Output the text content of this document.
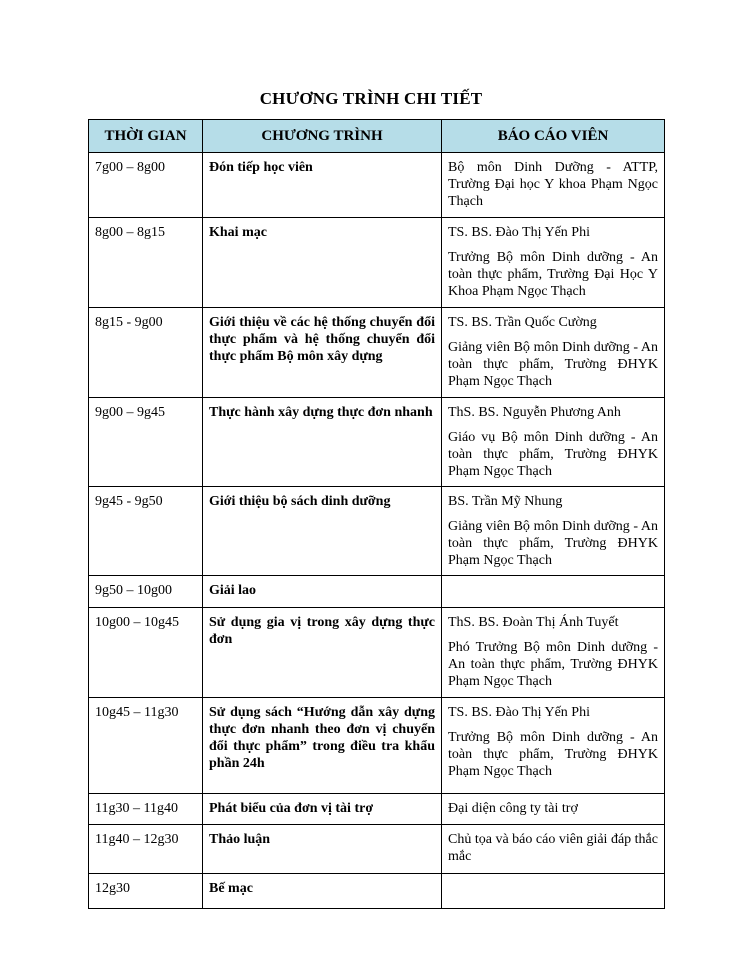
CHƯƠNG TRÌNH CHI TIẾT
THỜI GIAN	CHƯƠNG TRÌNH	BÁO CÁO VIÊN
7g00 – 8g00	Đón tiếp học viên	Bộ môn Dinh Dưỡng - ATTP, Trường Đại học Y khoa Phạm Ngọc Thạch

8g00 – 8g15	Khai mạc	TS. BS. Đào Thị Yến Phi
Trưởng Bộ môn Dinh dưỡng - An toàn thực phẩm, Trường Đại Học Y Khoa Phạm Ngọc Thạch

8g15 - 9g00	Giới thiệu về các hệ thống chuyển đổi thực phẩm và hệ thống chuyển đổi thực phẩm Bộ môn xây dựng	TS. BS. Trần Quốc Cường
Giảng viên Bộ môn Dinh dưỡng - An toàn thực phẩm, Trường ĐHYK Phạm Ngọc Thạch

9g00 – 9g45	Thực hành xây dựng thực đơn nhanh	ThS. BS. Nguyễn Phương Anh
Giáo vụ Bộ môn Dinh dưỡng - An toàn thực phẩm, Trường ĐHYK Phạm Ngọc Thạch

9g45 - 9g50	Giới thiệu bộ sách dinh dưỡng	BS. Trần Mỹ Nhung
Giảng viên Bộ môn Dinh dưỡng - An toàn thực phẩm, Trường ĐHYK Phạm Ngọc Thạch

9g50 – 10g00	Giải lao	
10g00 – 10g45	Sử dụng gia vị trong xây dựng thực đơn	ThS. BS. Đoàn Thị Ánh Tuyết
Phó Trưởng Bộ môn Dinh dưỡng - An toàn thực phẩm, Trường ĐHYK Phạm Ngọc Thạch

10g45 – 11g30	Sử dụng sách “Hướng dẫn xây dựng thực đơn nhanh theo đơn vị chuyển đổi thực phẩm” trong điều tra khẩu phần 24h	TS. BS. Đào Thị Yến Phi
Trưởng Bộ môn Dinh dưỡng - An toàn thực phẩm, Trường ĐHYK Phạm Ngọc Thạch

11g30 – 11g40	Phát biểu của đơn vị tài trợ	Đại diện công ty tài trợ

11g40 – 12g30	Thảo luận	Chủ tọa và báo cáo viên giải đáp thắc mắc

12g30	Bế mạc	
